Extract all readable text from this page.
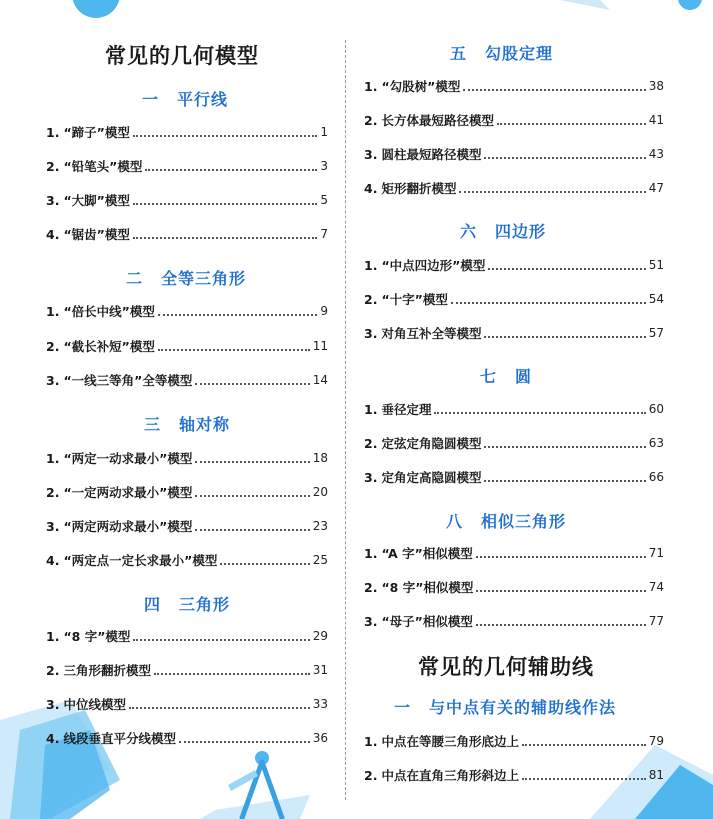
常见的几何模型
一 平行线
1. “蹄子”模型	1
2. “铅笔头”模型	3
3. “大脚”模型	5
4. “锯齿”模型	7
二 全等三角形
1. “倍长中线”模型	9
2. “截长补短”模型	11
3. “一线三等角”全等模型	14
三 轴对称
1. “两定一动求最小”模型	18
2. “一定两动求最小”模型	20
3. “两定两动求最小”模型	23
4. “两定点一定长求最小”模型	25
四 三角形
1. “8 字”模型	29
2. 三角形翻折模型	31
3. 中位线模型	33
4. 线段垂直平分线模型	36
五 勾股定理
1. “勾股树”模型	38
2. 长方体最短路径模型	41
3. 圆柱最短路径模型	43
4. 矩形翻折模型	47
六 四边形
1. “中点四边形”模型	51
2. “十字”模型	54
3. 对角互补全等模型	57
七 圆
1. 垂径定理	60
2. 定弦定角隐圆模型	63
3. 定角定高隐圆模型	66
八 相似三角形
1. “A 字”相似模型	71
2. “8 字”相似模型	74
3. “母子”相似模型	77
常见的几何辅助线
一 与中点有关的辅助线作法
1. 中点在等腰三角形底边上	79
2. 中点在直角三角形斜边上	81
